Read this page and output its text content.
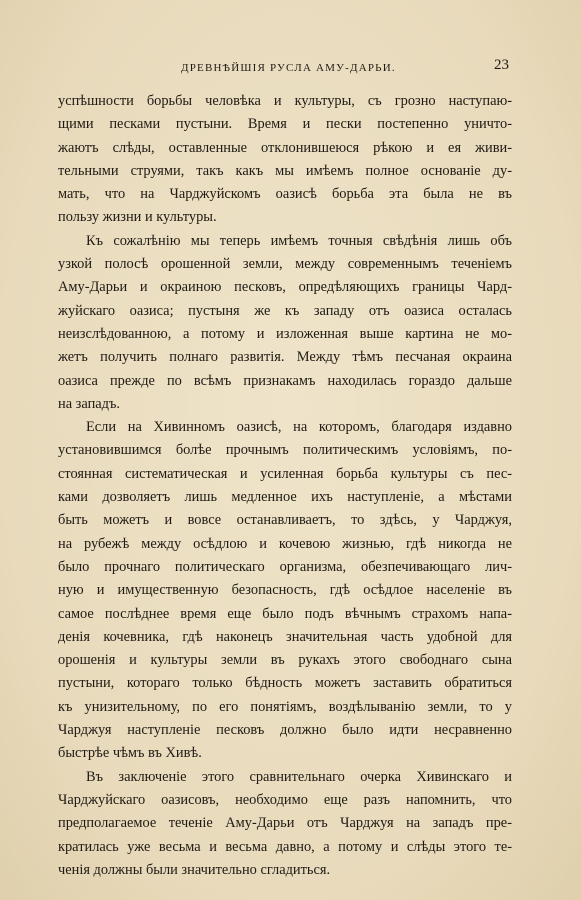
ДРЕВНѢЙШІЯ РУСЛА АМУ-ДАРЬИ.	23
успѣшности борьбы человѣка и культуры, съ грозно наступаю-
щими песками пустыни. Время и пески постепенно уничто-
жаютъ слѣды, оставленные отклонившеюся рѣкою и ея живи-
тельными струями, такъ какъ мы имѣемъ полное основаніе ду-
мать, что на Чарджуйскомъ оазисѣ борьба эта была не въ
пользу жизни и культуры.
Къ сожалѣнію мы теперь имѣемъ точныя свѣдѣнія лишь объ
узкой полосѣ орошенной земли, между современнымъ теченіемъ
Аму-Дарьи и окраиною песковъ, опредѣляющихъ границы Чард-
жуйскаго оазиса; пустыня же къ западу отъ оазиса осталась
неизслѣдованною, а потому и изложенная выше картина не мо-
жетъ получить полнаго развитія. Между тѣмъ песчаная окраина
оазиса прежде по всѣмъ признакамъ находилась гораздо дальше
на западъ.
Если на Хивинномъ оазисѣ, на которомъ, благодаря издавно
установившимся болѣе прочнымъ политическимъ условіямъ, по-
стоянная систематическая и усиленная борьба культуры съ пес-
ками дозволяетъ лишь медленное ихъ наступленіе, а мѣстами
быть можетъ и вовсе останавливаетъ, то здѣсь, у Чарджуя,
на рубежѣ между осѣдлою и кочевою жизнью, гдѣ никогда не
было прочнаго политическаго организма, обезпечивающаго лич-
ную и имущественную безопасность, гдѣ осѣдлое населеніе въ
самое послѣднее время еще было подъ вѣчнымъ страхомъ напа-
денія кочевника, гдѣ наконецъ значительная часть удобной для
орошенія и культуры земли въ рукахъ этого свободнаго сына
пустыни, котораго только бѣдность можетъ заставить обратиться
къ унизительному, по его понятіямъ, воздѣлыванію земли, то у
Чарджуя наступленіе песковъ должно было идти несравненно
быстрѣе чѣмъ въ Хивѣ.
Въ заключеніе этого сравнительнаго очерка Хивинскаго и
Чарджуйскаго оазисовъ, необходимо еще разъ напомнить, что
предполагаемое теченіе Аму-Дарьи отъ Чарджуя на западъ пре-
кратилась уже весьма и весьма давно, а потому и слѣды этого те-
ченія должны были значительно сгладиться.
